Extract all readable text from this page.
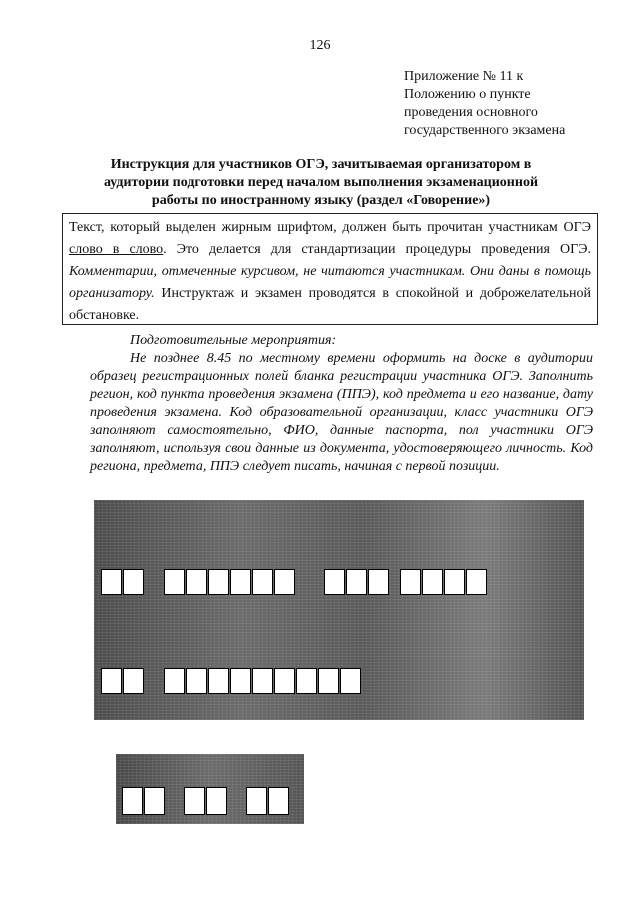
126
Приложение № 11 к
Положению о пункте
проведения основного
государственного экзамена
Инструкция для участников ОГЭ, зачитываемая организатором в
аудитории подготовки перед началом выполнения экзаменационной
работы по иностранному языку (раздел «Говорение»)
Текст, который выделен жирным шрифтом, должен быть прочитан участникам ОГЭ слово в слово. Это делается для стандартизации процедуры проведения ОГЭ. Комментарии, отмеченные курсивом, не читаются участникам. Они даны в помощь организатору. Инструктаж и экзамен проводятся в спокойной и доброжелательной обстановке.
Подготовительные мероприятия:
Не позднее 8.45 по местному времени оформить на доске в аудитории образец регистрационных полей бланка регистрации участника ОГЭ. Заполнить регион, код пункта проведения экзамена (ППЭ), код предмета и его название, дату проведения экзамена. Код образовательной организации, класс участники ОГЭ заполняют самостоятельно, ФИО, данные паспорта, пол участники ОГЭ заполняют, используя свои данные из документа, удостоверяющего личность. Код региона, предмета, ППЭ следует писать, начиная с первой позиции.
